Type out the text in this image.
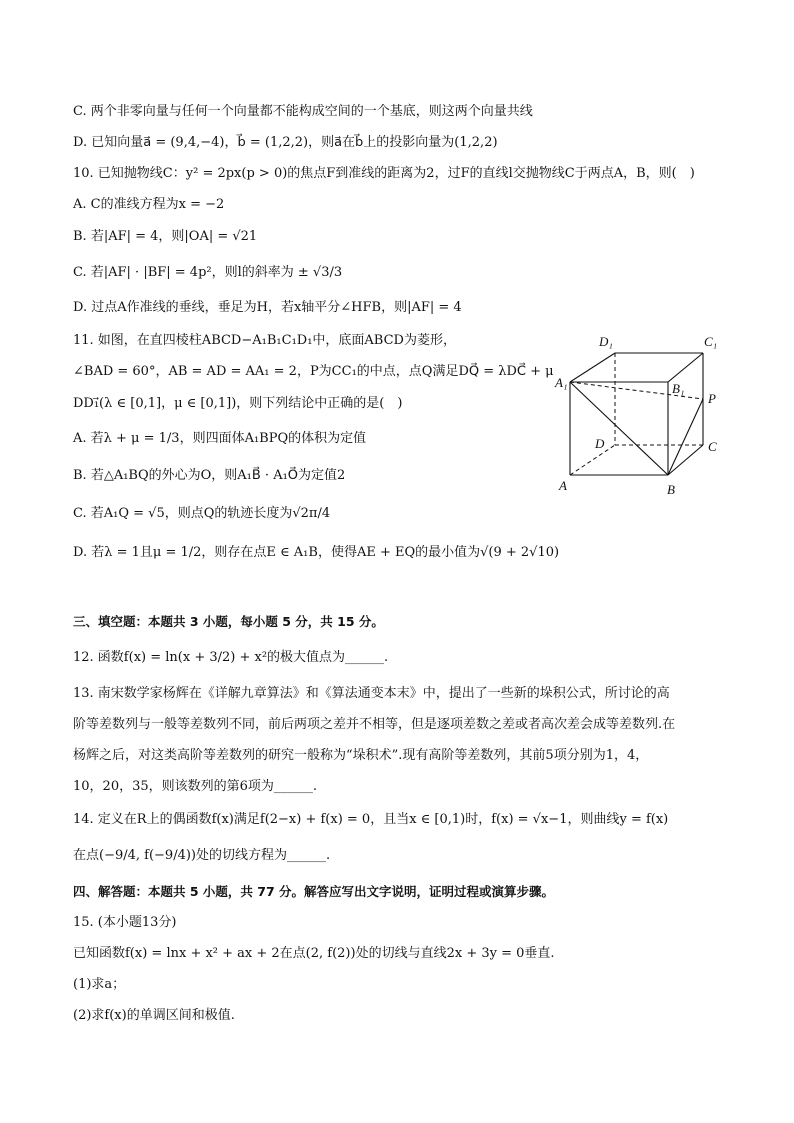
C. 两个非零向量与任何一个向量都不能构成空间的一个基底，则这两个向量共线
D. 已知向量a⃗ = (9,4,−4)，b⃗ = (1,2,2)，则a⃗在b⃗上的投影向量为(1,2,2)
10. 已知抛物线C：y² = 2px(p > 0)的焦点F到准线的距离为2，过F的直线l交抛物线C于两点A，B，则(　)
A. C的准线方程为x = −2
B. 若|AF| = 4，则|OA| = √21
C. 若|AF| · |BF| = 4p²，则l的斜率为 ± √3/3
D. 过点A作准线的垂线，垂足为H，若x轴平分∠HFB，则|AF| = 4
11. 如图，在直四棱柱ABCD−A₁B₁C₁D₁中，底面ABCD为菱形，
∠BAD = 60°，AB = AD = AA₁ = 2，P为CC₁的中点，点Q满足DQ⃗ = λDC⃗ + μ
DD₁⃗(λ ∈ [0,1]，μ ∈ [0,1])，则下列结论中正确的是(　)
A. 若λ + μ = 1/3，则四面体A₁BPQ的体积为定值
B. 若△A₁BQ的外心为O，则A₁B⃗ · A₁O⃗为定值2
C. 若A₁Q = √5，则点Q的轨迹长度为√2π/4
D. 若λ = 1且μ = 1/2，则存在点E ∈ A₁B，使得AE + EQ的最小值为√(9 + 2√10)
三、填空题：本题共 3 小题，每小题 5 分，共 15 分。
12. 函数f(x) = ln(x + 3/2) + x²的极大值点为______.
13. 南宋数学家杨辉在《详解九章算法》和《算法通变本末》中，提出了一些新的垛积公式，所讨论的高
阶等差数列与一般等差数列不同，前后两项之差并不相等，但是逐项差数之差或者高次差会成等差数列.在
杨辉之后，对这类高阶等差数列的研究一般称为“垛积术”.现有高阶等差数列，其前5项分别为1，4，
10，20，35，则该数列的第6项为______.
14. 定义在R上的偶函数f(x)满足f(2−x) + f(x) = 0，且当x ∈ [0,1)时，f(x) = √x−1，则曲线y = f(x)
在点(−9/4, f(−9/4))处的切线方程为______.
四、解答题：本题共 5 小题，共 77 分。解答应写出文字说明，证明过程或演算步骤。
15. (本小题13分)
已知函数f(x) = lnx + x² + ax + 2在点(2, f(2))处的切线与直线2x + 3y = 0垂直.
(1)求a；
(2)求f(x)的单调区间和极值.
D₁	C₁
A₁	B₁
P
D	C
A	B
